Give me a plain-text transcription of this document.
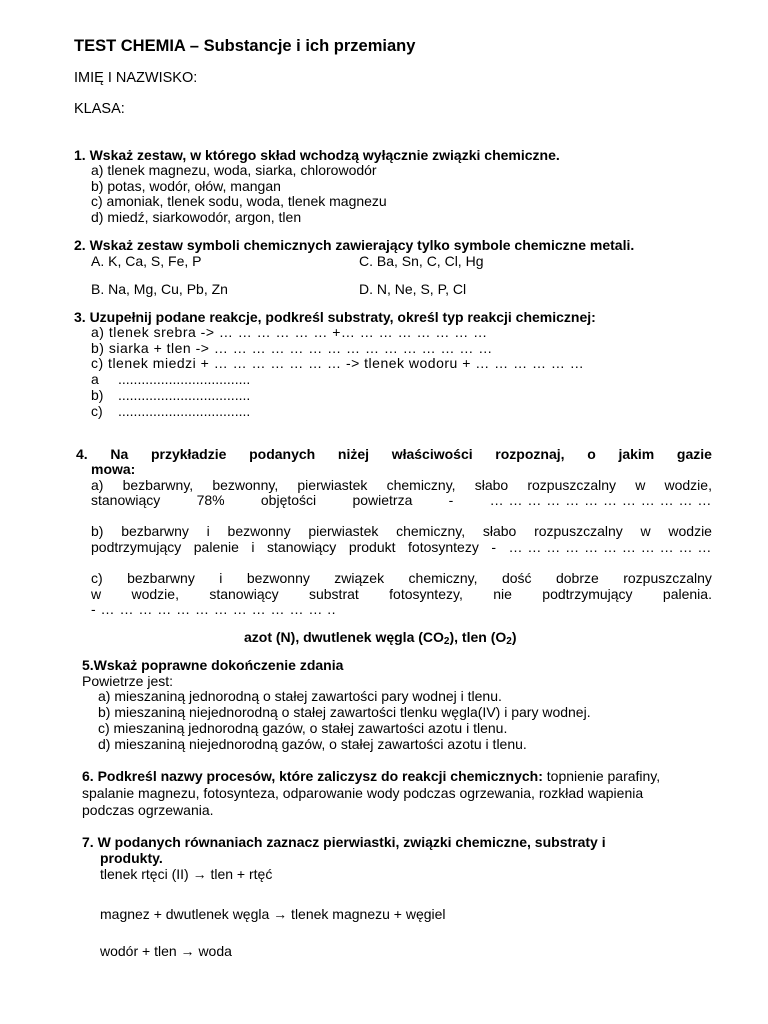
TEST CHEMIA – Substancje i ich przemiany
IMIĘ I NAZWISKO:
KLASA:
1. Wskaż zestaw, w którego skład wchodzą wyłącznie związki chemiczne.
a) tlenek magnezu, woda, siarka, chlorowodór
b) potas, wodór, ołów, mangan
c) amoniak, tlenek sodu, woda, tlenek magnezu
d) miedź, siarkowodór, argon, tlen
2. Wskaż zestaw symboli chemicznych zawierający tylko symbole chemiczne metali.
A. K, Ca, S, Fe, P	C. Ba, Sn, C, Cl, Hg
B. Na, Mg, Cu, Pb, Zn	D. N, Ne, S, P, Cl
3. Uzupełnij podane reakcje, podkreśl substraty, określ typ reakcji chemicznej:
a) tlenek srebra -> … … … … … … +… … … … … … … …
b) siarka + tlen -> … … … … … … … … … … … … … … …
c) tlenek miedzi + … … … … … … … -> tlenek wodoru + … … … … … …
a ..................................
b) ..................................
c) ..................................
4. Na przykładzie podanych niżej właściwości rozpoznaj, o jakim gazie
mowa:
a) bezbarwny, bezwonny, pierwiastek chemiczny, słabo rozpuszczalny w wodzie,
stanowiący	78%	objętości	powietrza	-	… … … … … … … … … … … …
b) bezbarwny i bezwonny pierwiastek chemiczny, słabo rozpuszczalny w wodzie
podtrzymujący palenie i stanowiący produkt fotosyntezy - … … … … … … … … … … …
c) bezbarwny i bezwonny związek chemiczny, dość dobrze rozpuszczalny
w wodzie, stanowiący substrat fotosyntezy, nie podtrzymujący palenia.
- … … … … … … … … … … … … ..
azot (N), dwutlenek węgla $(CO_2)$, tlen $(O_2)$
5.Wskaż poprawne dokończenie zdania
Powietrze jest:
a) mieszaniną jednorodną o stałej zawartości pary wodnej i tlenu.
b) mieszaniną niejednorodną o stałej zawartości tlenku węgla(IV) i pary wodnej.
c) mieszaniną jednorodną gazów, o stałej zawartości azotu i tlenu.
d) mieszaniną niejednorodną gazów, o stałej zawartości azotu i tlenu.
6. Podkreśl nazwy procesów, które zaliczysz do reakcji chemicznych: topnienie parafiny,
spalanie magnezu, fotosynteza, odparowanie wody podczas ogrzewania, rozkład wapienia
podczas ogrzewania.
7. W podanych równaniach zaznacz pierwiastki, związki chemiczne, substraty i
produkty.
tlenek rtęci (II) → tlen + rtęć
magnez + dwutlenek węgla → tlenek magnezu + węgiel
wodór + tlen → woda
